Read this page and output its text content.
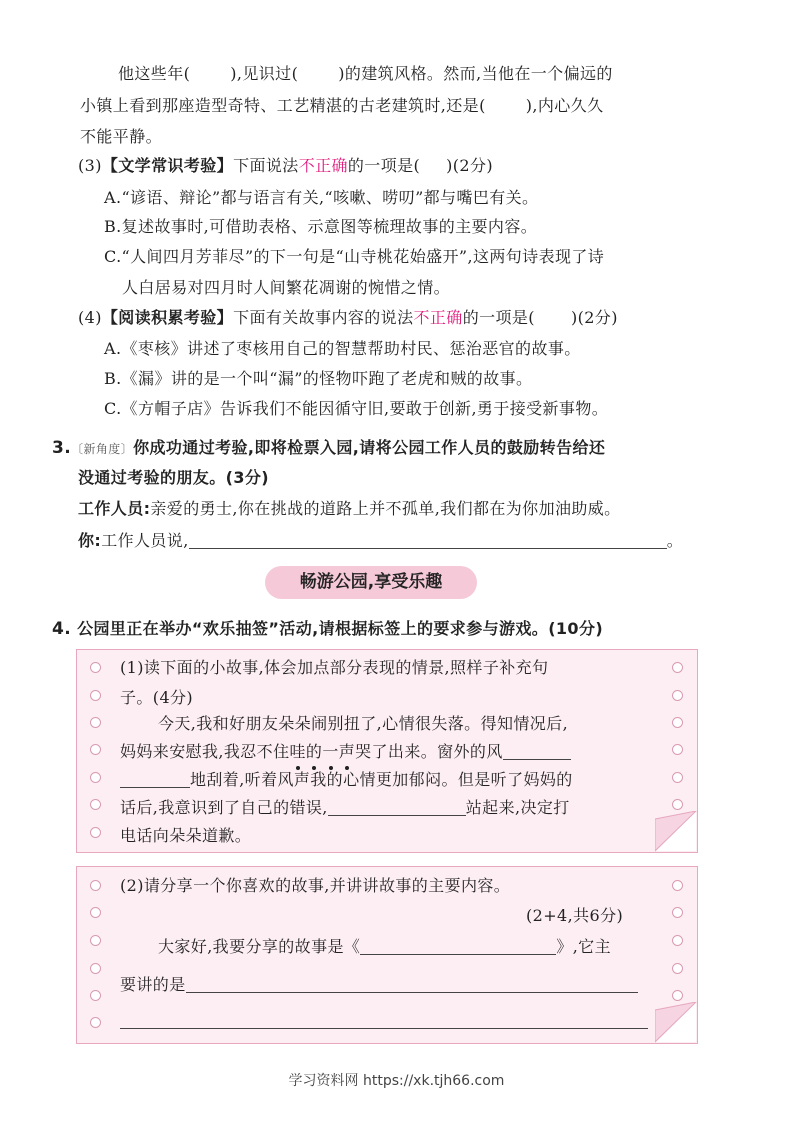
他这些年(	),见识过(	)的建筑风格。然而,当他在一个偏远的
小镇上看到那座造型奇特、工艺精湛的古老建筑时,还是(	),内心久久
不能平静。
(3)【文学常识考验】下面说法不正确的一项是( )(2分)
A.“谚语、辩论”都与语言有关,“咳嗽、唠叨”都与嘴巴有关。
B.复述故事时,可借助表格、示意图等梳理故事的主要内容。
C.“人间四月芳菲尽”的下一句是“山寺桃花始盛开”,这两句诗表现了诗
人白居易对四月时人间繁花凋谢的惋惜之情。
(4)【阅读积累考验】下面有关故事内容的说法不正确的一项是( )(2分)
A.《枣核》讲述了枣核用自己的智慧帮助村民、惩治恶官的故事。
B.《漏》讲的是一个叫“漏”的怪物吓跑了老虎和贼的故事。
C.《方帽子店》告诉我们不能因循守旧,要敢于创新,勇于接受新事物。
3.〔新角度〕你成功通过考验,即将检票入园,请将公园工作人员的鼓励转告给还
没通过考验的朋友。(3分)
工作人员:亲爱的勇士,你在挑战的道路上并不孤单,我们都在为你加油助威。
你:工作人员说,	。
畅游公园,享受乐趣
4. 公园里正在举办“欢乐抽签”活动,请根据标签上的要求参与游戏。(10分)
(1)读下面的小故事,体会加点部分表现的情景,照样子补充句
子。(4分)
今天,我和好朋友朵朵闹别扭了,心情很失落。得知情况后,
妈妈来安慰我,我忍不住哇的一声哭了出来。窗外的风
地刮着,听着风声我的心情更加郁闷。但是听了妈妈的
话后,我意识到了自己的错误,	站起来,决定打
电话向朵朵道歉。
(2)请分享一个你喜欢的故事,并讲讲故事的主要内容。
(2+4,共6分)
大家好,我要分享的故事是《	》,它主
要讲的是
学习资料网 https://xk.tjh66.com
